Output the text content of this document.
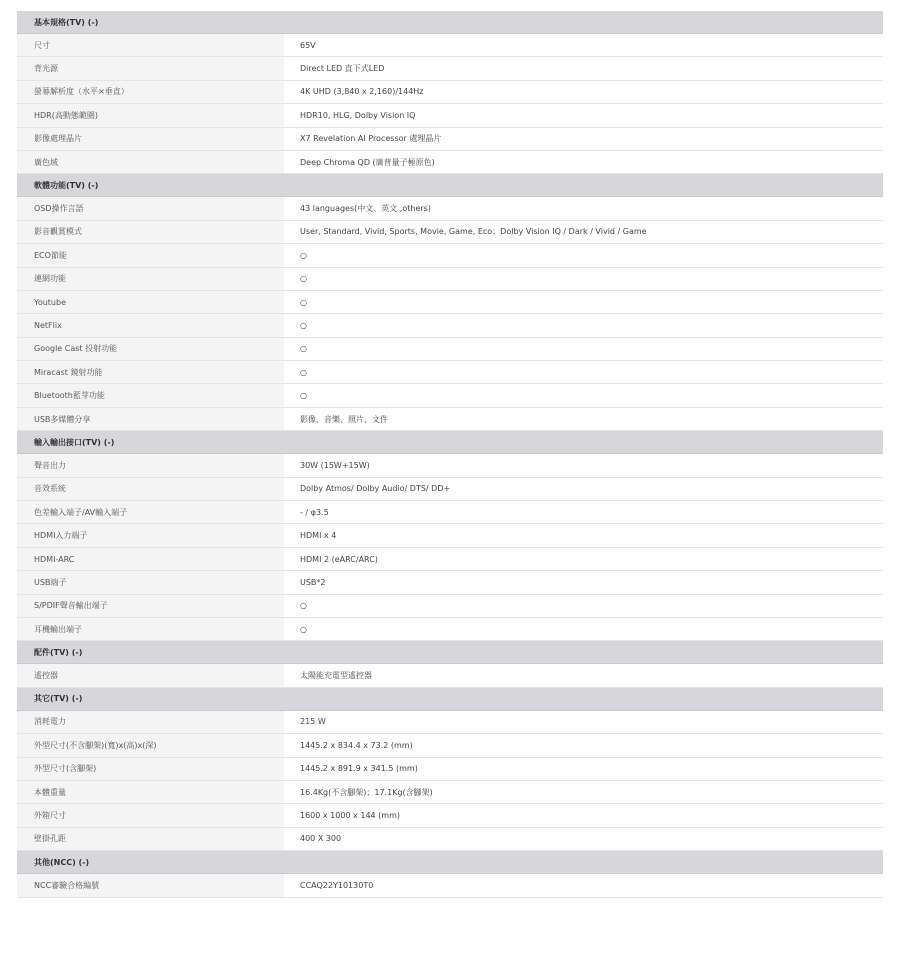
基本規格(TV) (-)
尺寸	65V
背光源	Direct LED 直下式LED
螢幕解析度（水平×垂直）	4K UHD (3,840 x 2,160)/144Hz
HDR(高動態範圍)	HDR10, HLG, Dolby Vision IQ
影像處理晶片	X7 Revelation AI Processor 處理晶片
廣色域	Deep Chroma QD (廣普量子極原色)
軟體功能(TV) (-)
OSD操作言語	43 languages(中文、英文 ,others)
影音觀賞模式	User, Standard, Vivid, Sports, Movie, Game, Eco；Dolby Vision IQ / Dark / Vivid / Game
ECO節能	○
連網功能	○
Youtube	○
NetFlix	○
Google Cast 投射功能	○
Miracast 鏡射功能	○
Bluetooth藍芽功能	○
USB多媒體分享	影像、音樂、照片、文件
輸入輸出接口(TV) (-)
聲音出力	30W (15W+15W)
音效系統	Dolby Atmos/ Dolby Audio/ DTS/ DD+
色差輸入端子/AV輸入端子	- / φ3.5
HDMI入力端子	HDMI x 4
HDMI-ARC	HDMI 2 (eARC/ARC)
USB端子	USB*2
S/PDIF聲音輸出端子	○
耳機輸出端子	○
配件(TV) (-)
遙控器	太陽能充電型遙控器
其它(TV) (-)
消耗電力	215 W
外型尺寸(不含腳架)(寬)x(高)x(深)	1445.2 x 834.4 x 73.2 (mm)
外型尺寸(含腳架)	1445.2 x 891.9 x 341.5 (mm)
本體重量	16.4Kg(不含腳架)；17.1Kg(含腳架)
外箱尺寸	1600 x 1000 x 144 (mm)
壁掛孔距	400 X 300
其他(NCC) (-)
NCC審驗合格編號	CCAQ22Y10130T0
